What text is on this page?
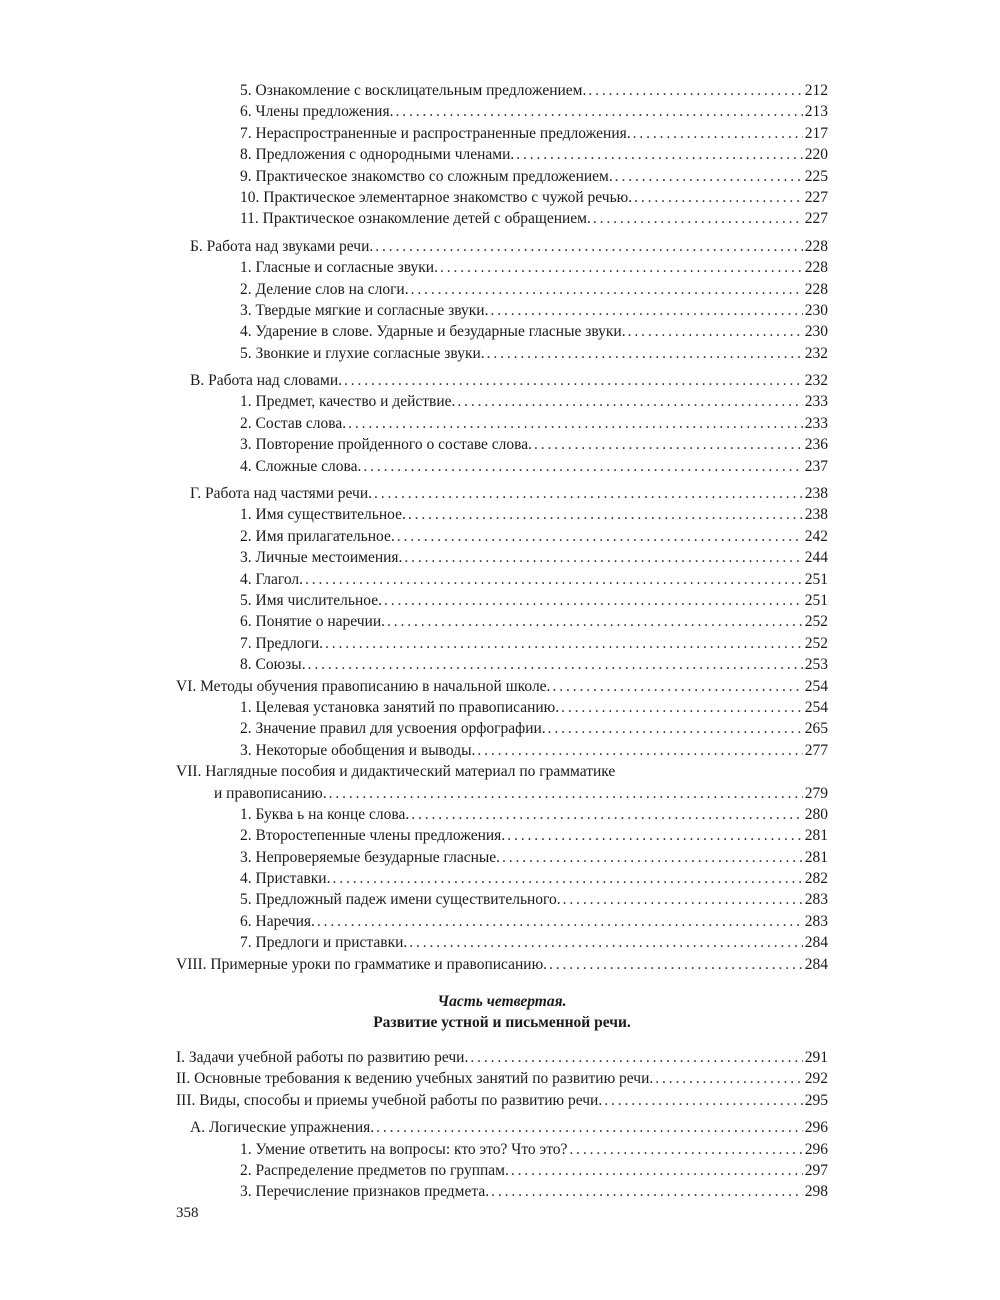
5. Ознакомление с восклицательным предложением. . . .	212
6. Члены предложения. . . .	213
7. Нераспространенные и распространенные предложения. . . .	217
8. Предложения с однородными членами. . . .	220
9. Практическое знакомство со сложным предложением. . . .	225
10. Практическое элементарное знакомство с чужой речью. . . .	227
11. Практическое ознакомление детей с обращением. . . .	227
Б. Работа над звуками речи. . . .	228
1. Гласные и согласные звуки. . . .	228
2. Деление слов на слоги. . . .	228
3. Твердые мягкие и согласные звуки. . . .	230
4. Ударение в слове. Ударные и безударные гласные звуки. . . .	230
5. Звонкие и глухие согласные звуки. . . .	232
В. Работа над словами. . . .	232
1. Предмет, качество и действие. . . .	233
2. Состав слова. . . .	233
3. Повторение пройденного о составе слова. . . .	236
4. Сложные слова. . . .	237
Г. Работа над частями речи. . . .	238
1. Имя существительное. . . .	238
2. Имя прилагательное. . . .	242
3. Личные местоимения. . . .	244
4. Глагол. . . .	251
5. Имя числительное. . . .	251
6. Понятие о наречии. . . .	252
7. Предлоги. . . .	252
8. Союзы. . . .	253
VI. Методы обучения правописанию в начальной школе. . . .	254
1. Целевая установка занятий по правописанию. . . .	254
2. Значение правил для усвоения орфографии. . . .	265
3. Некоторые обобщения и выводы. . . .	277
VII. Наглядные пособия и дидактический материал по грамматике
и правописанию. . . .	279
1. Буква ь на конце слова. . . .	280
2. Второстепенные члены предложения. . . .	281
3. Непроверяемые безударные гласные. . . .	281
4. Приставки. . . .	282
5. Предложный падеж имени существительного. . . .	283
6. Наречия. . . .	283
7. Предлоги и приставки. . . .	284
VIII. Примерные уроки по грамматике и правописанию. . . .	284
Часть четвертая.
Развитие устной и письменной речи.
I. Задачи учебной работы по развитию речи. . . .	291
II. Основные требования к ведению учебных занятий по развитию речи. . . .	292
III. Виды, способы и приемы учебной работы по развитию речи. . . .	295
А. Логические упражнения. . . .	296
1. Умение ответить на вопросы: кто это? Что это? . . .	296
2. Распределение предметов по группам. . . .	297
3. Перечисление признаков предмета. . . .	298
358
